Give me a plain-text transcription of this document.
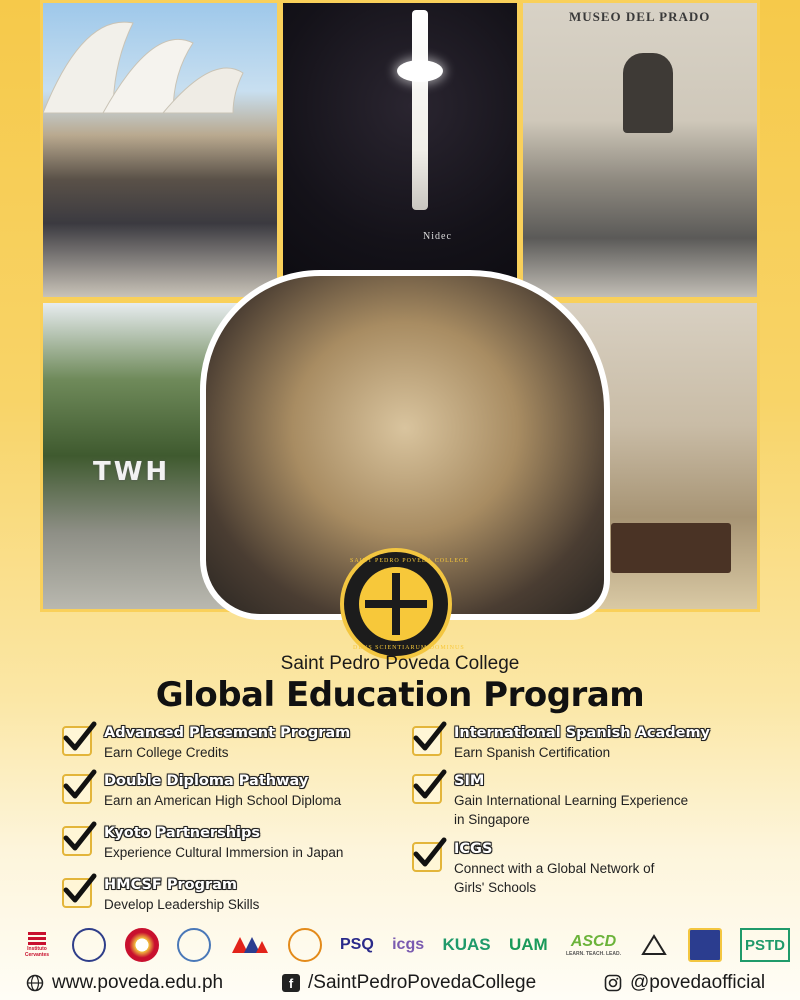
Nidec
MUSEO DEL PRADO
TWH
SAINT PEDRO POVEDA COLLEGE
DEUS SCIENTIARUM DOMINUS
Saint Pedro Poveda College
Global Education Program
Advanced Placement Program
Earn College Credits
Double Diploma Pathway
Earn an American High School Diploma
Kyoto Partnerships
Experience Cultural Immersion in Japan
HMCSF Program
Develop Leadership Skills
International Spanish Academy
Earn Spanish Certification
SIM
Gain International Learning Experience
in Singapore
ICGS
Connect with a Global Network of
Girls' Schools
Instituto Cervantes
PSQ icgs KUAS UAM ASCD
LEARN. TEACH. LEAD.
PSTD
www.poveda.edu.ph	f /SaintPedroPovedaCollege	@povedaofficial
